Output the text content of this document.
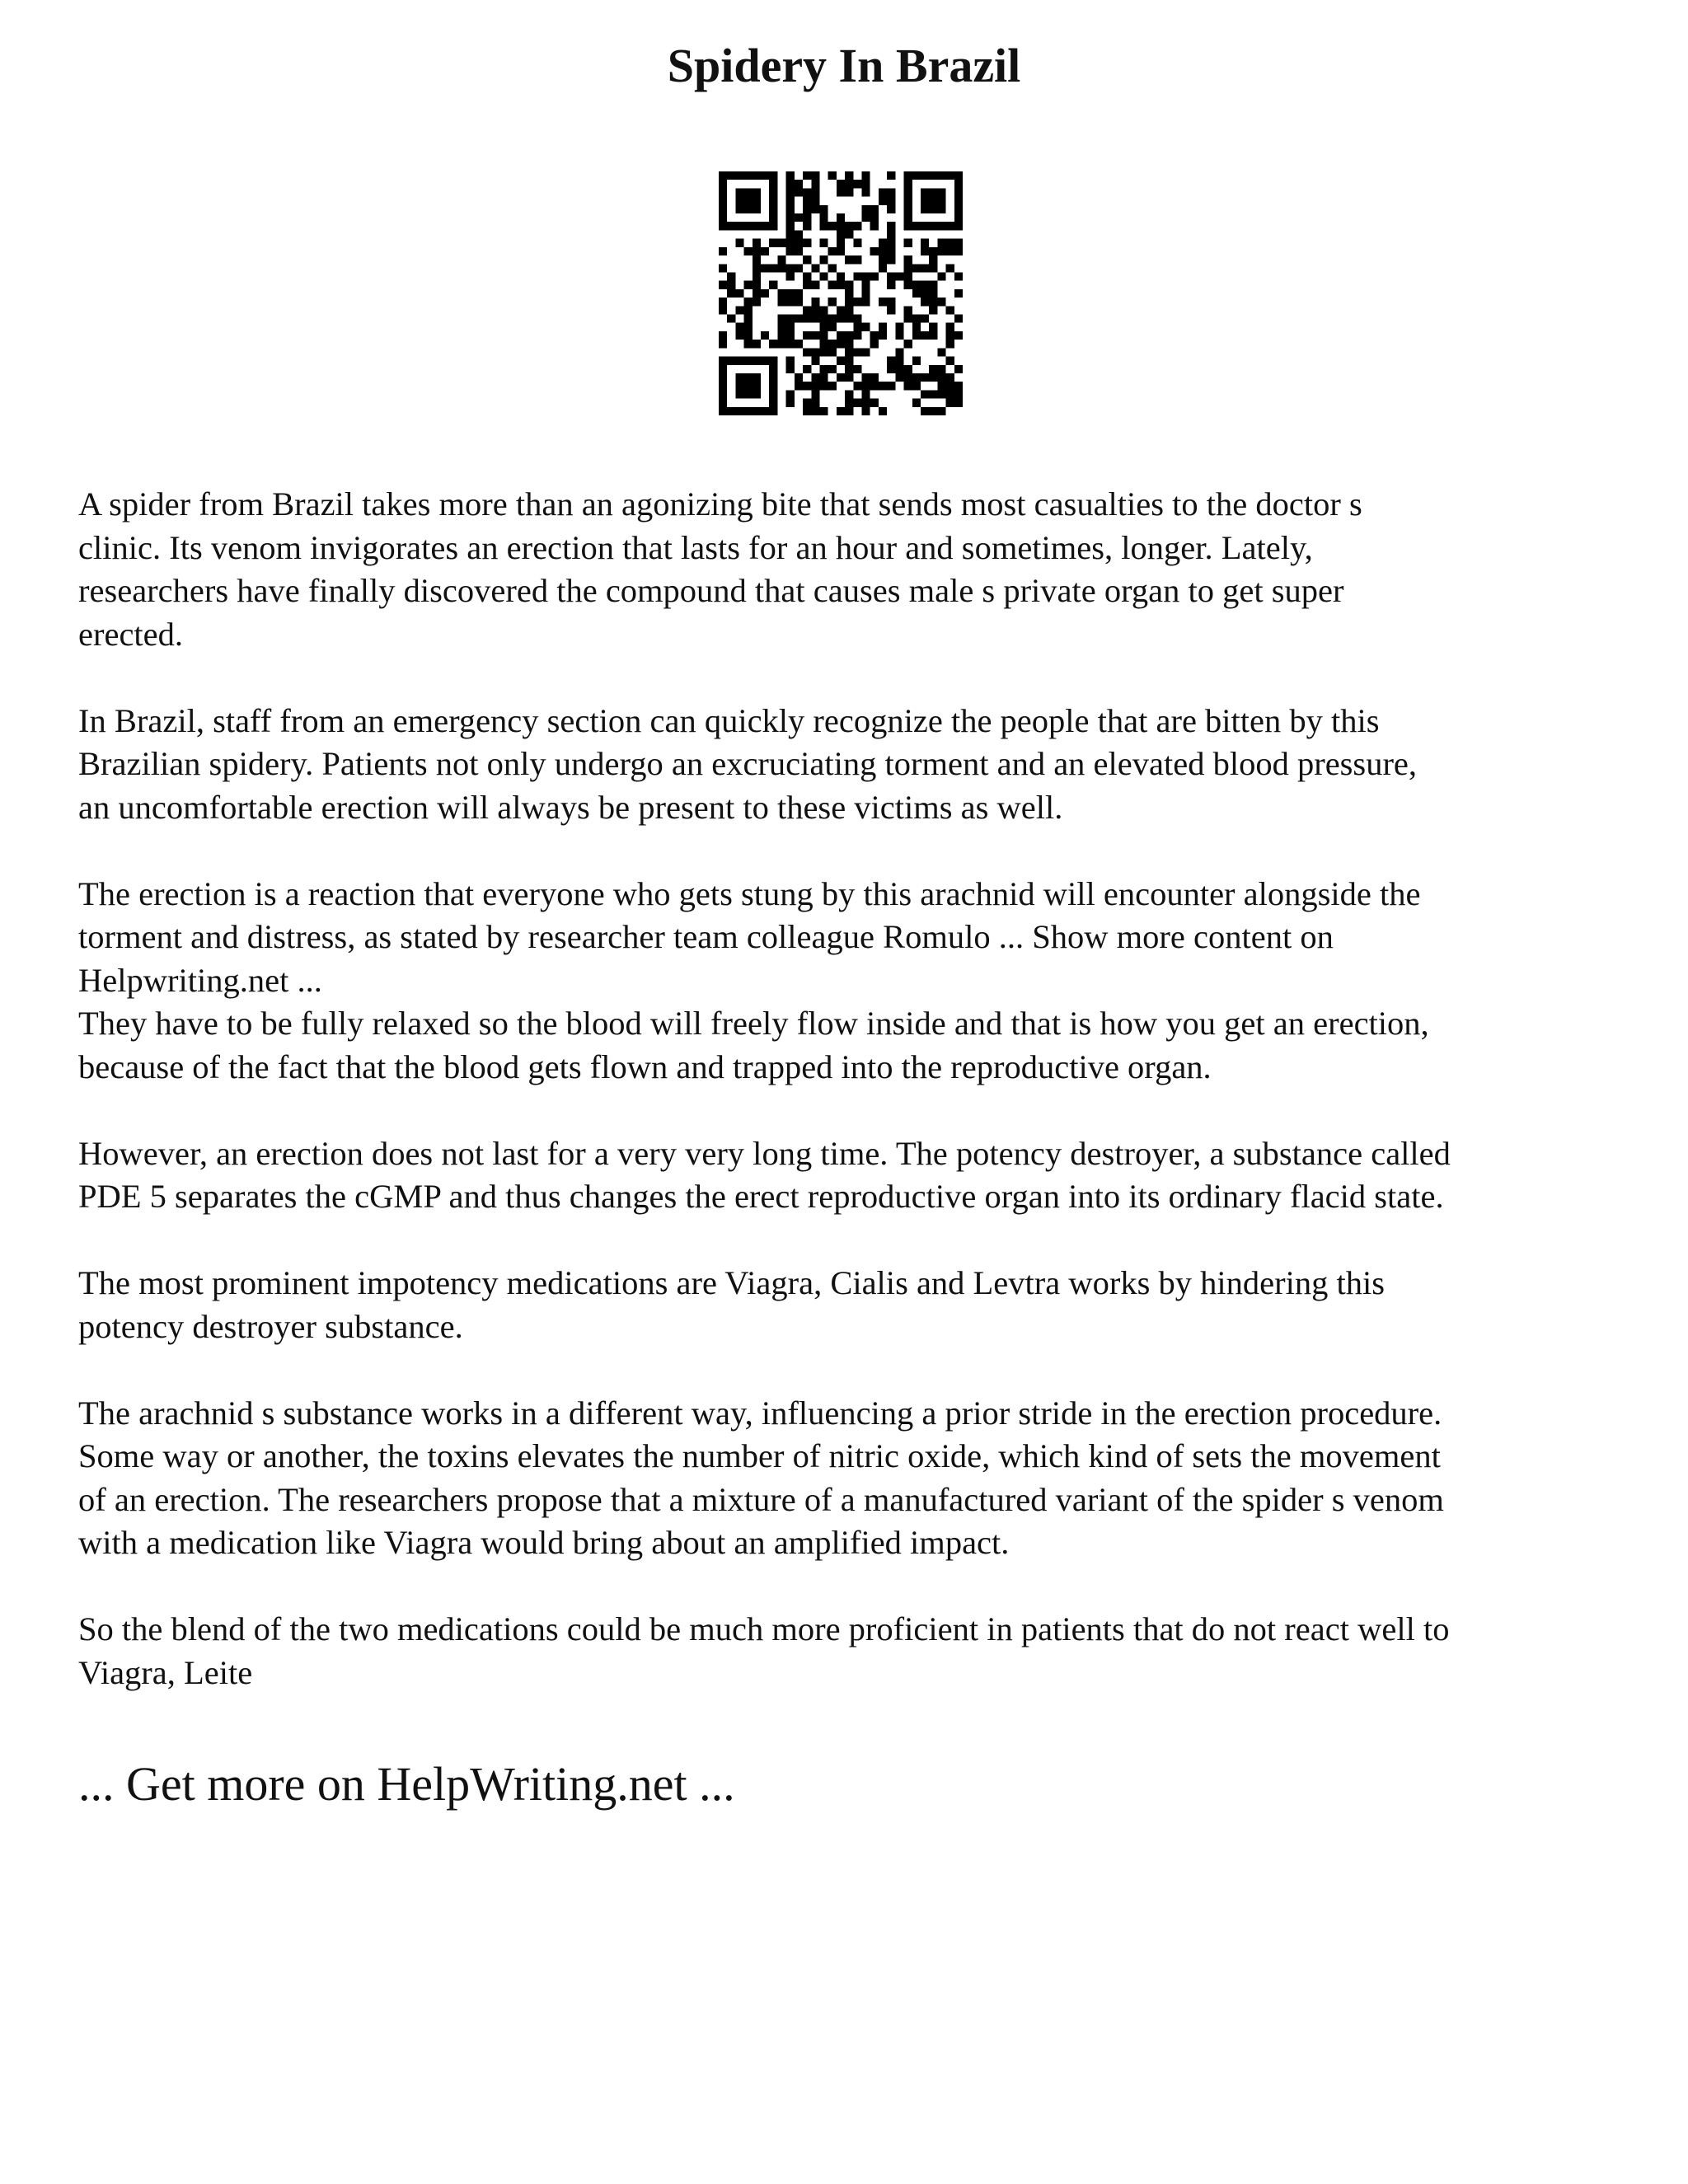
Spidery In Brazil

A spider from Brazil takes more than an agonizing bite that sends most casualties to the doctor s
clinic. Its venom invigorates an erection that lasts for an hour and sometimes, longer. Lately,
researchers have finally discovered the compound that causes male s private organ to get super
erected.

In Brazil, staff from an emergency section can quickly recognize the people that are bitten by this
Brazilian spidery. Patients not only undergo an excruciating torment and an elevated blood pressure,
an uncomfortable erection will always be present to these victims as well.

The erection is a reaction that everyone who gets stung by this arachnid will encounter alongside the
torment and distress, as stated by researcher team colleague Romulo ... Show more content on
Helpwriting.net ...

They have to be fully relaxed so the blood will freely flow inside and that is how you get an erection,
because of the fact that the blood gets flown and trapped into the reproductive organ.

However, an erection does not last for a very very long time. The potency destroyer, a substance called
PDE 5 separates the cGMP and thus changes the erect reproductive organ into its ordinary flacid state.

The most prominent impotency medications are Viagra, Cialis and Levtra works by hindering this
potency destroyer substance.

The arachnid s substance works in a different way, influencing a prior stride in the erection procedure.
Some way or another, the toxins elevates the number of nitric oxide, which kind of sets the movement
of an erection. The researchers propose that a mixture of a manufactured variant of the spider s venom
with a medication like Viagra would bring about an amplified impact.

So the blend of the two medications could be much more proficient in patients that do not react well to
Viagra, Leite

... Get more on HelpWriting.net ...
